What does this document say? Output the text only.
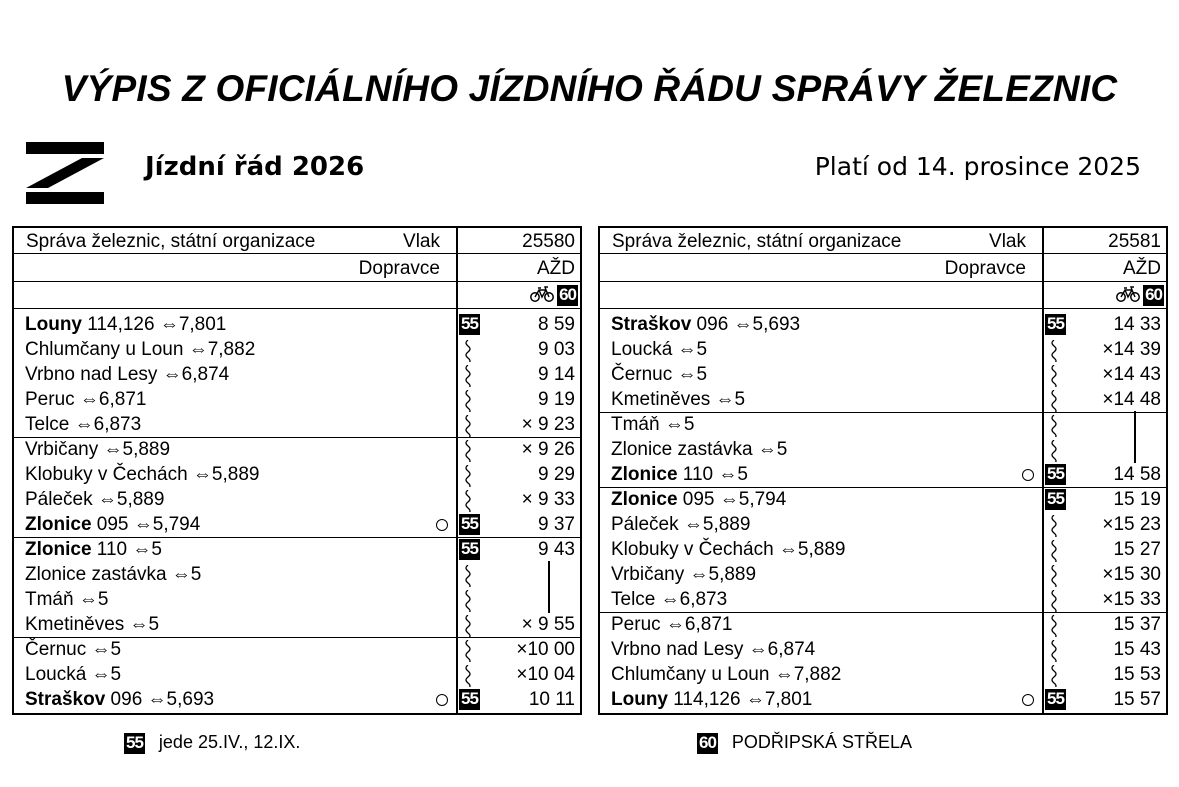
VÝPIS Z OFICIÁLNÍHO JÍZDNÍHO ŘÁDU SPRÁVY ŽELEZNIC
Jízdní řád 2026	Platí od 14. prosince 2025
Správa železnic, státní organizace	Vlak	25580
Dopravce	AŽD
60
Louny 114,126 ⇔7,801	55	8 59
Chlumčany u Loun ⇔7,882	9 03
Vrbno nad Lesy ⇔6,874	9 14
Peruc ⇔6,871	9 19
Telce ⇔6,873	× 9 23
Vrbičany ⇔5,889	× 9 26
Klobuky v Čechách ⇔5,889	9 29
Páleček ⇔5,889	× 9 33
Zlonice 095 ⇔5,794	55	9 37
Zlonice 110 ⇔5	55	9 43
Zlonice zastávka ⇔5
Tmáň ⇔5
Kmetiněves ⇔5	× 9 55
Černuc ⇔5	×10 00
Loucká ⇔5	×10 04
Straškov 096 ⇔5,693	55	10 11
Správa železnic, státní organizace	Vlak	25581
Dopravce	AŽD
60
Straškov 096 ⇔5,693	55	14 33
Loucká ⇔5	×14 39
Černuc ⇔5	×14 43
Kmetiněves ⇔5	×14 48
Tmáň ⇔5
Zlonice zastávka ⇔5
Zlonice 110 ⇔5	55	14 58
Zlonice 095 ⇔5,794	55	15 19
Páleček ⇔5,889	×15 23
Klobuky v Čechách ⇔5,889	15 27
Vrbičany ⇔5,889	×15 30
Telce ⇔6,873	×15 33
Peruc ⇔6,871	15 37
Vrbno nad Lesy ⇔6,874	15 43
Chlumčany u Loun ⇔7,882	15 53
Louny 114,126 ⇔7,801	55	15 57
55 jede 25.IV., 12.IX.	60 PODŘIPSKÁ STŘELA
